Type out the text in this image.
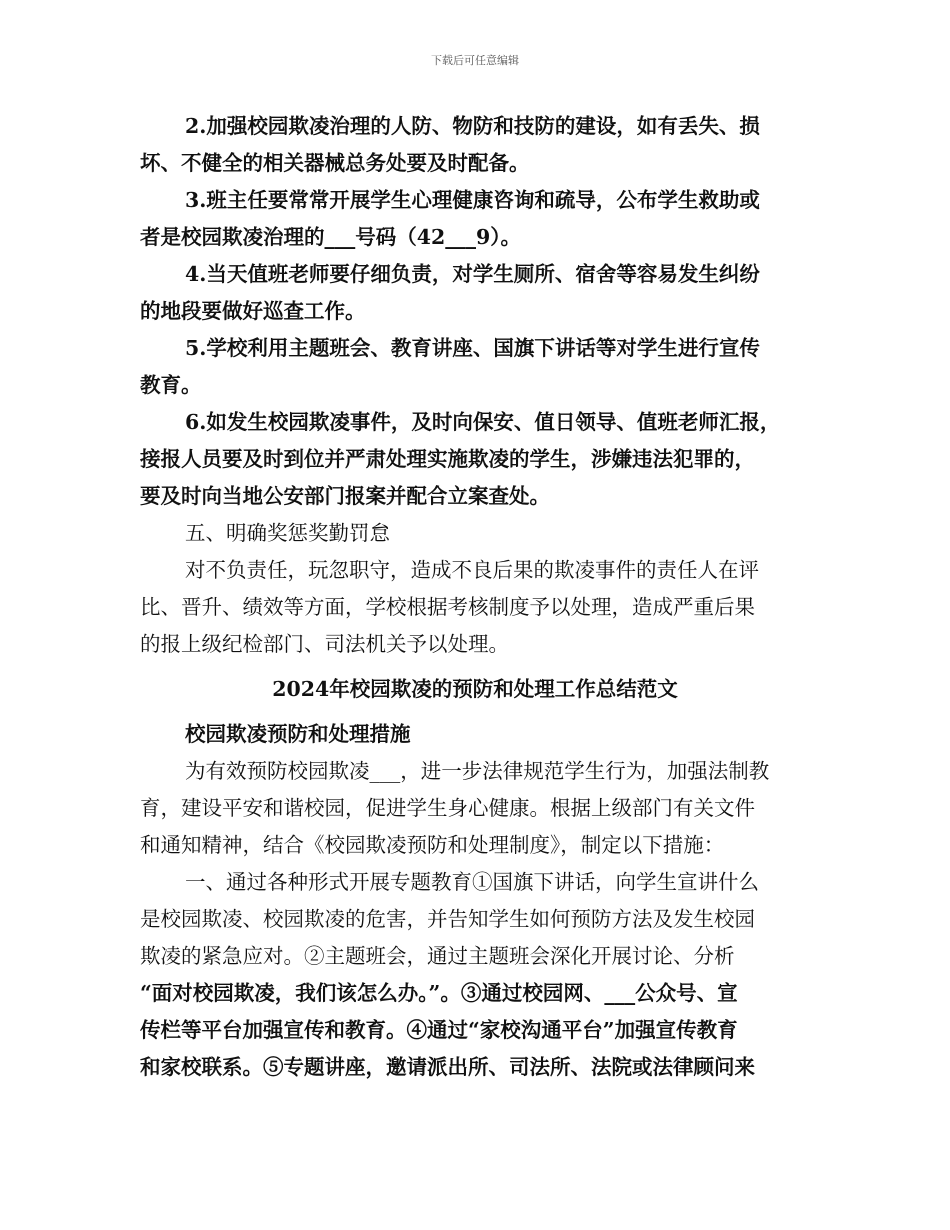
下载后可任意编辑
2.加强校园欺凌治理的人防、物防和技防的建设，如有丢失、损
坏、不健全的相关器械总务处要及时配备。
3.班主任要常常开展学生心理健康咨询和疏导，公布学生救助或
者是校园欺凌治理的___号码（42___9）。
4.当天值班老师要仔细负责，对学生厕所、宿舍等容易发生纠纷
的地段要做好巡查工作。
5.学校利用主题班会、教育讲座、国旗下讲话等对学生进行宣传
教育。
6.如发生校园欺凌事件，及时向保安、值日领导、值班老师汇报，
接报人员要及时到位并严肃处理实施欺凌的学生，涉嫌违法犯罪的，
要及时向当地公安部门报案并配合立案查处。
五、明确奖惩奖勤罚怠
对不负责任，玩忽职守，造成不良后果的欺凌事件的责任人在评
比、晋升、绩效等方面，学校根据考核制度予以处理，造成严重后果
的报上级纪检部门、司法机关予以处理。
2024年校园欺凌的预防和处理工作总结范文
校园欺凌预防和处理措施
为有效预防校园欺凌___，进一步法律规范学生行为，加强法制教
育，建设平安和谐校园，促进学生身心健康。根据上级部门有关文件
和通知精神，结合《校园欺凌预防和处理制度》，制定以下措施：
一、通过各种形式开展专题教育①国旗下讲话，向学生宣讲什么
是校园欺凌、校园欺凌的危害，并告知学生如何预防方法及发生校园
欺凌的紧急应对。②主题班会，通过主题班会深化开展讨论、分析
“面对校园欺凌，我们该怎么办。”。③通过校园网、___公众号、宣
传栏等平台加强宣传和教育。④通过“家校沟通平台”加强宣传教育
和家校联系。⑤专题讲座，邀请派出所、司法所、法院或法律顾问来
